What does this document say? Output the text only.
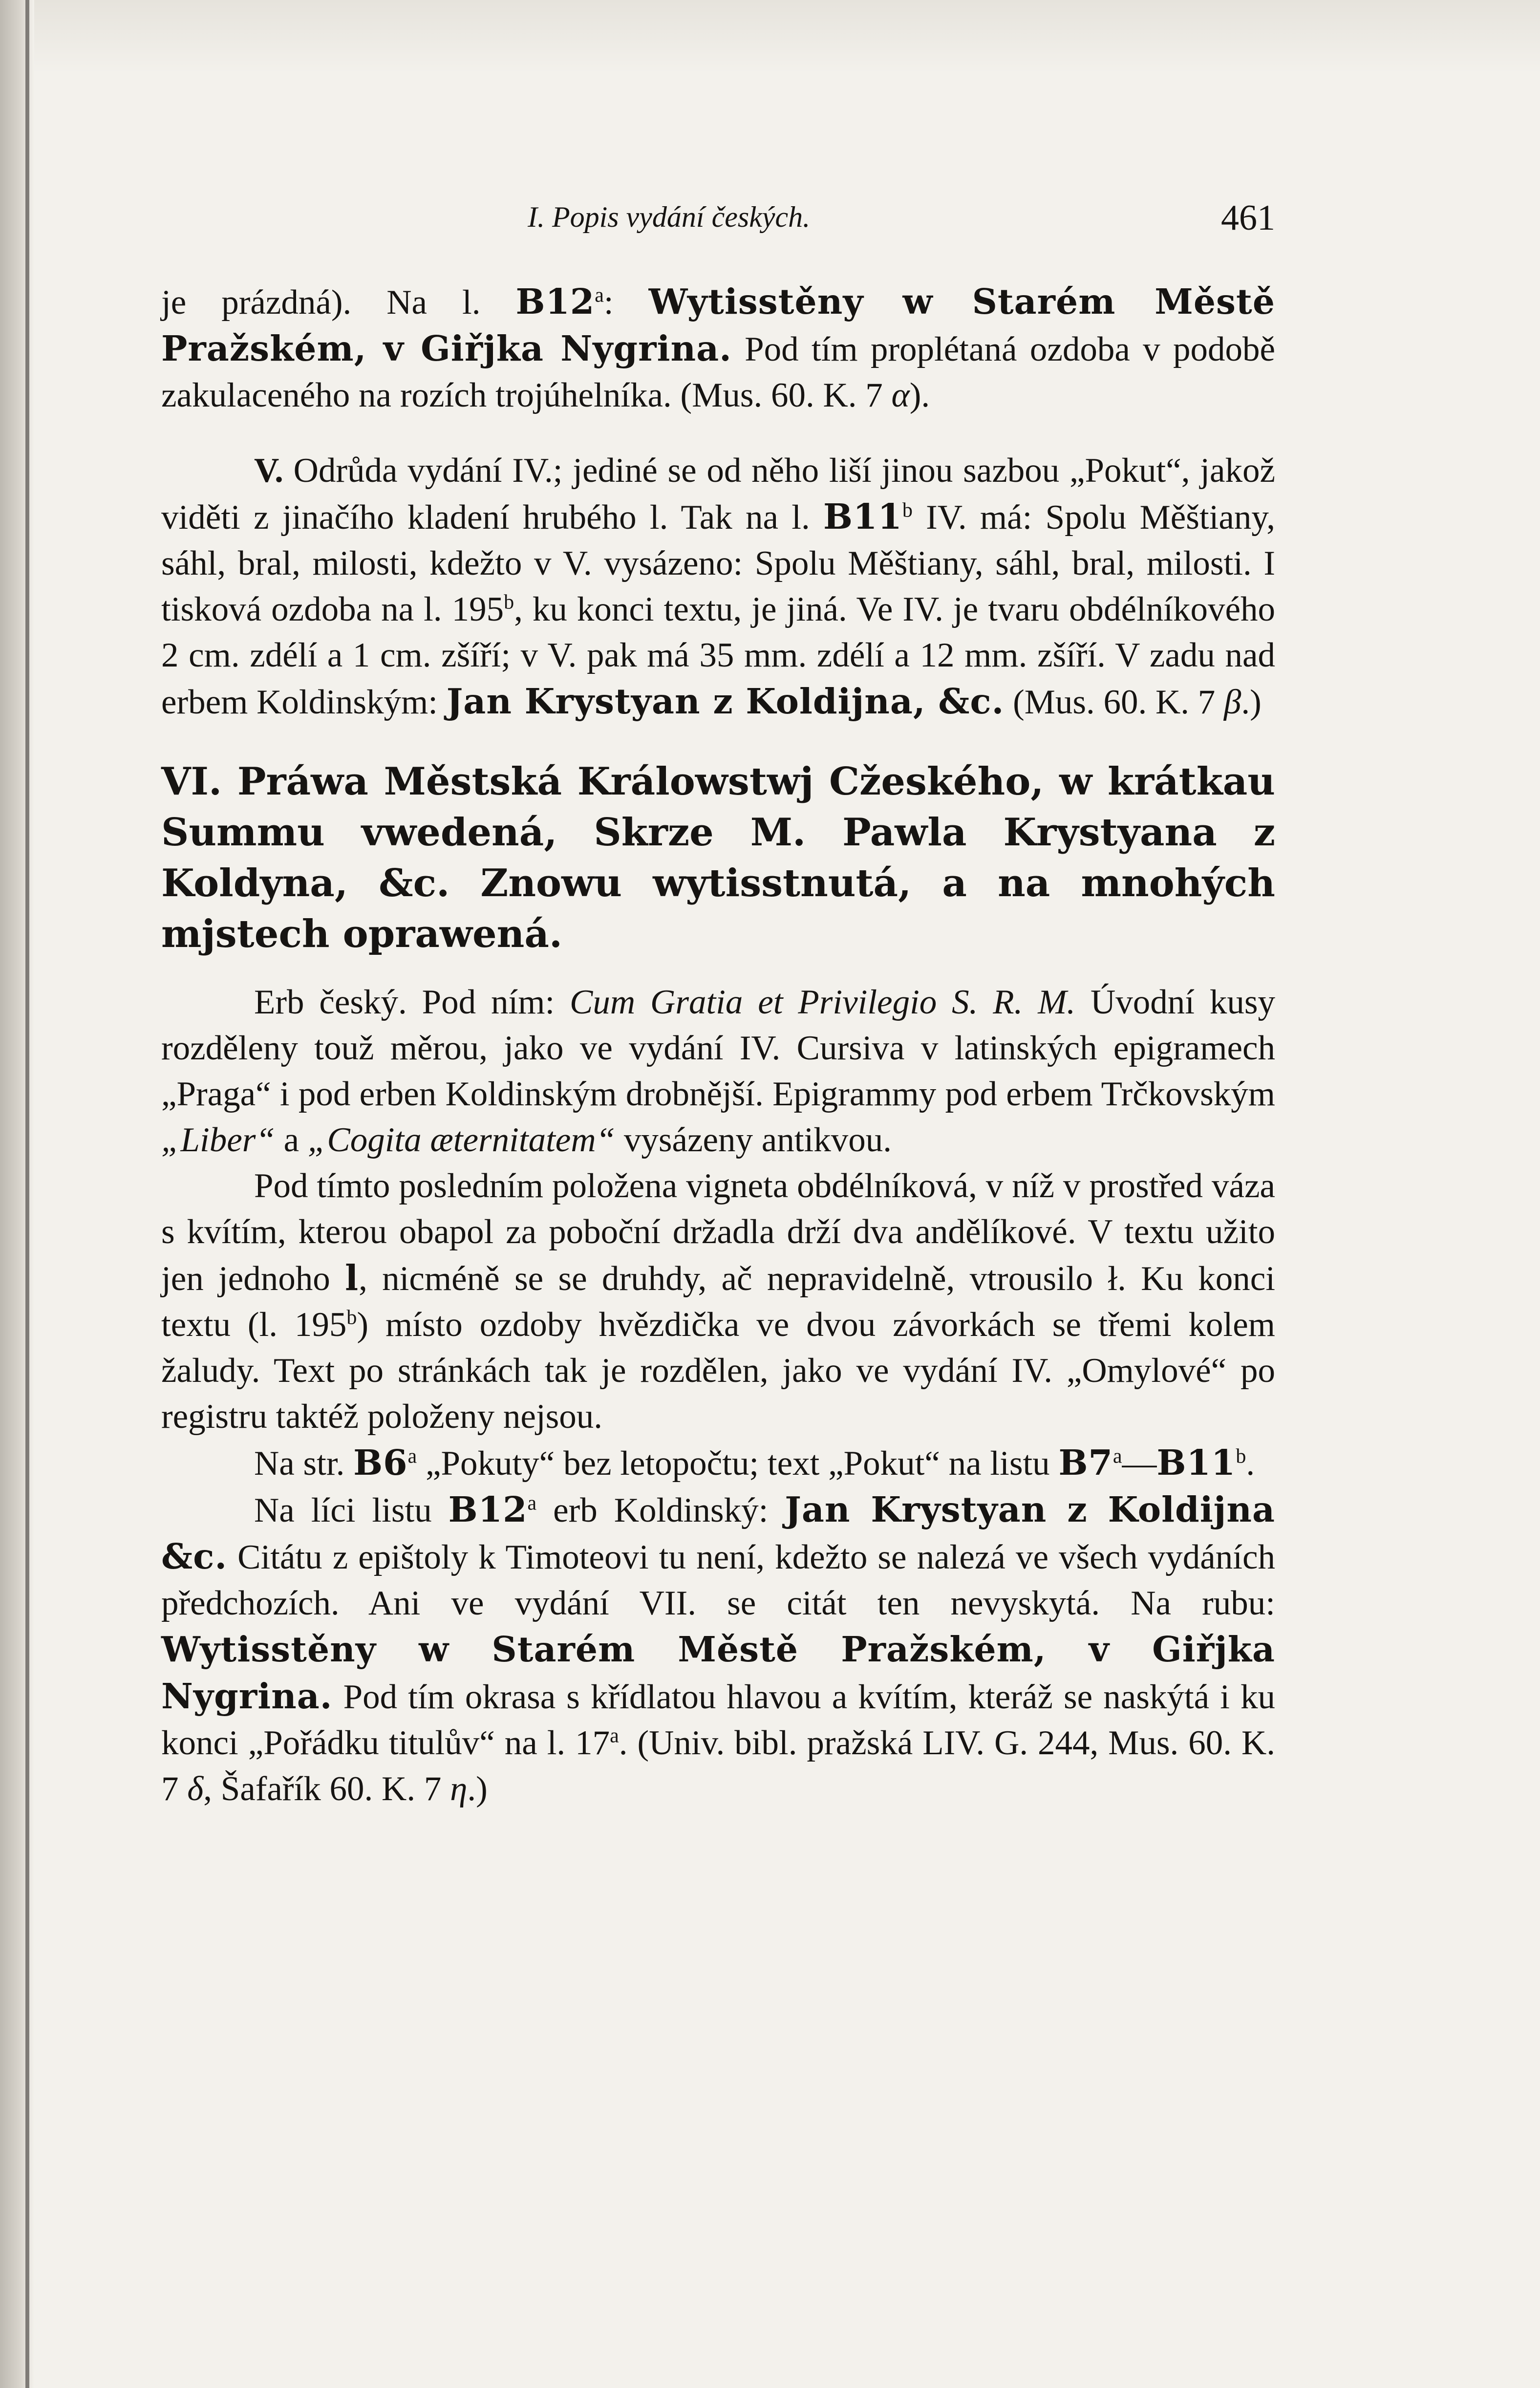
I. Popis vydání českých.	461

je prázdná). Na l. B12$^a$: Wytisstěny w Starém Městě Pražském, v Giřjka Nygrina. Pod tím proplétaná ozdoba v podobě zakulaceného na rozích trojúhelníka. (Mus. 60. K. 7 α).

V. Odrůda vydání IV.; jediné se od něho liší jinou sazbou „Pokut“, jakož viděti z jinačího kladení hrubého l. Tak na l. B11$^b$ IV. má: Spolu Měštiany, sáhl, bral, milosti, kdežto v V. vysázeno: Spolu Měštiany, sáhl, bral, milosti. I tisková ozdoba na l. 195$^b$, ku konci textu, je jiná. Ve IV. je tvaru obdélníkového 2 cm. zdélí a 1 cm. zšíří; v V. pak má 35 mm. zdélí a 12 mm. zšíří. V zadu nad erbem Koldinským: Jan Krystyan z Koldijna, &c. (Mus. 60. K. 7 β.)

VI. Práwa Městská Králowstwj Cžeského, w krátkau Summu vwedená, Skrze M. Pawla Krystyana z Koldyna, &c. Znowu wytisstnutá, a na mnohých mjstech oprawená.

Erb český. Pod ním: Cum Gratia et Privilegio S. R. M. Úvodní kusy rozděleny touž měrou, jako ve vydání IV. Cursiva v latinských epigramech „Praga“ i pod erben Koldinským drobnější. Epigrammy pod erbem Trčkovským „Liber“ a „Cogita æternitatem“ vysázeny antikvou.

Pod tímto posledním položena vigneta obdélníková, v níž v prostřed váza s kvítím, kterou obapol za poboční držadla drží dva andělíkové. V textu užito jen jednoho l, nicméně se se druhdy, ač nepravidelně, vtrousilo ł. Ku konci textu (l. 195$^b$) místo ozdoby hvězdička ve dvou závorkách se třemi kolem žaludy. Text po stránkách tak je rozdělen, jako ve vydání IV. „Omylové“ po registru taktéž položeny nejsou.

Na str. B6$^a$ „Pokuty“ bez letopočtu; text „Pokut“ na listu B7$^a$—B11$^b$.

Na líci listu B12$^a$ erb Koldinský: Jan Krystyan z Koldijna &c. Citátu z epištoly k Timoteovi tu není, kdežto se nalezá ve všech vydáních předchozích. Ani ve vydání VII. se citát ten nevyskytá. Na rubu: Wytisstěny w Starém Městě Pražském, v Giřjka Nygrina. Pod tím okrasa s křídlatou hlavou a kvítím, kteráž se naskýtá i ku konci „Pořádku titulův“ na l. 17$^a$. (Univ. bibl. pražská LIV. G. 244, Mus. 60. K. 7 δ, Šafařík 60. K. 7 η.)
